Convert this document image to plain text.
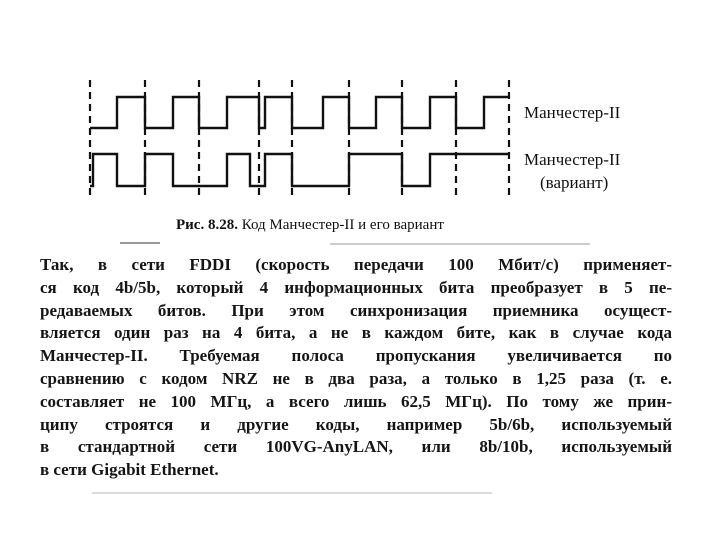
Манчестер-II
Манчестер-II
(вариант)
Рис. 8.28. Код Манчестер-II и его вариант
Так, в сети FDDI (скорость передачи 100 Мбит/с) применяет-
ся код 4b/5b, который 4 информационных бита преобразует в 5 пе-
редаваемых битов. При этом синхронизация приемника осущест-
вляется один раз на 4 бита, а не в каждом бите, как в случае кода
Манчестер-II. Требуемая полоса пропускания увеличивается по
сравнению с кодом NRZ не в два раза, а только в 1,25 раза (т. е.
составляет не 100 МГц, а всего лишь 62,5 МГц). По тому же прин-
ципу строятся и другие коды, например 5b/6b, используемый
в стандартной сети 100VG-AnyLAN, или 8b/10b, используемый
в сети Gigabit Ethernet.
